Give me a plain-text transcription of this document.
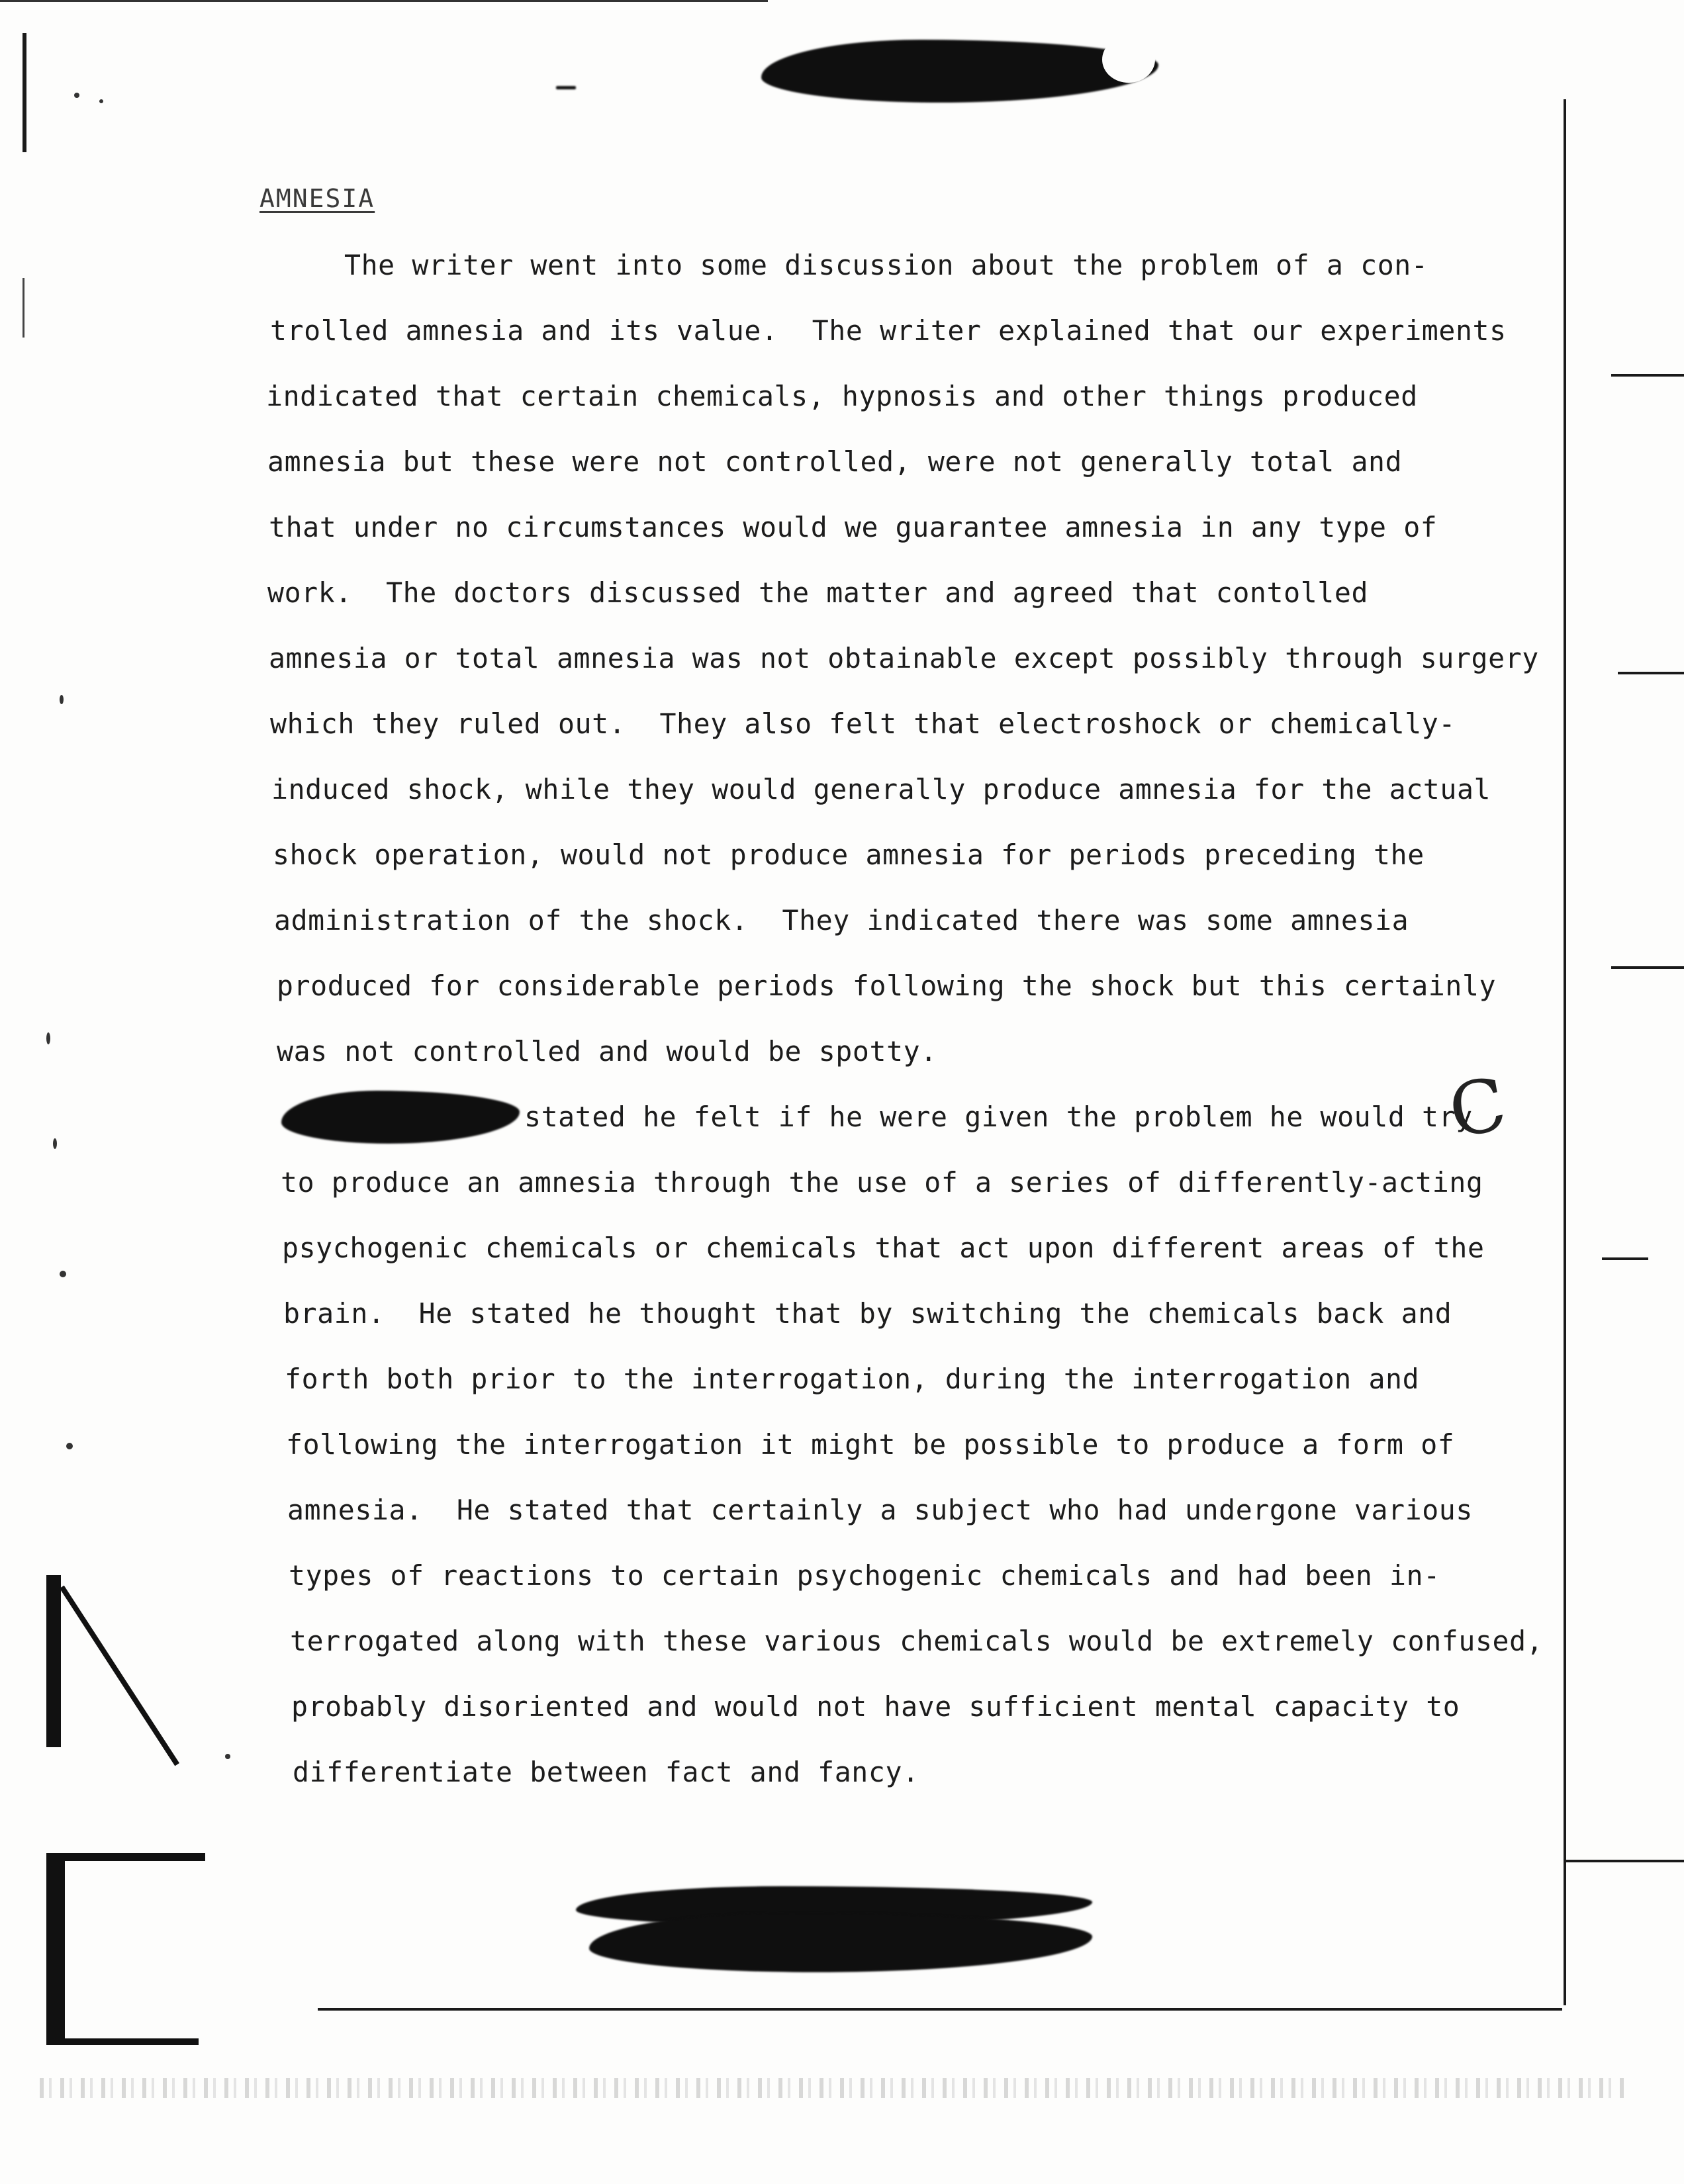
AMNESIA
The writer went into some discussion about the problem of a con-
trolled amnesia and its value.  The writer explained that our experiments
indicated that certain chemicals, hypnosis and other things produced
amnesia but these were not controlled, were not generally total and
that under no circumstances would we guarantee amnesia in any type of
work.  The doctors discussed the matter and agreed that contolled
amnesia or total amnesia was not obtainable except possibly through surgery
which they ruled out.  They also felt that electroshock or chemically-
induced shock, while they would generally produce amnesia for the actual
shock operation, would not produce amnesia for periods preceding the
administration of the shock.  They indicated there was some amnesia
produced for considerable periods following the shock but this certainly
was not controlled and would be spotty.
stated he felt if he were given the problem he would try
to produce an amnesia through the use of a series of differently-acting
psychogenic chemicals or chemicals that act upon different areas of the
brain.  He stated he thought that by switching the chemicals back and
forth both prior to the interrogation, during the interrogation and
following the interrogation it might be possible to produce a form of
amnesia.  He stated that certainly a subject who had undergone various
types of reactions to certain psychogenic chemicals and had been in-
terrogated along with these various chemicals would be extremely confused,
probably disoriented and would not have sufficient mental capacity to
differentiate between fact and fancy.
C
